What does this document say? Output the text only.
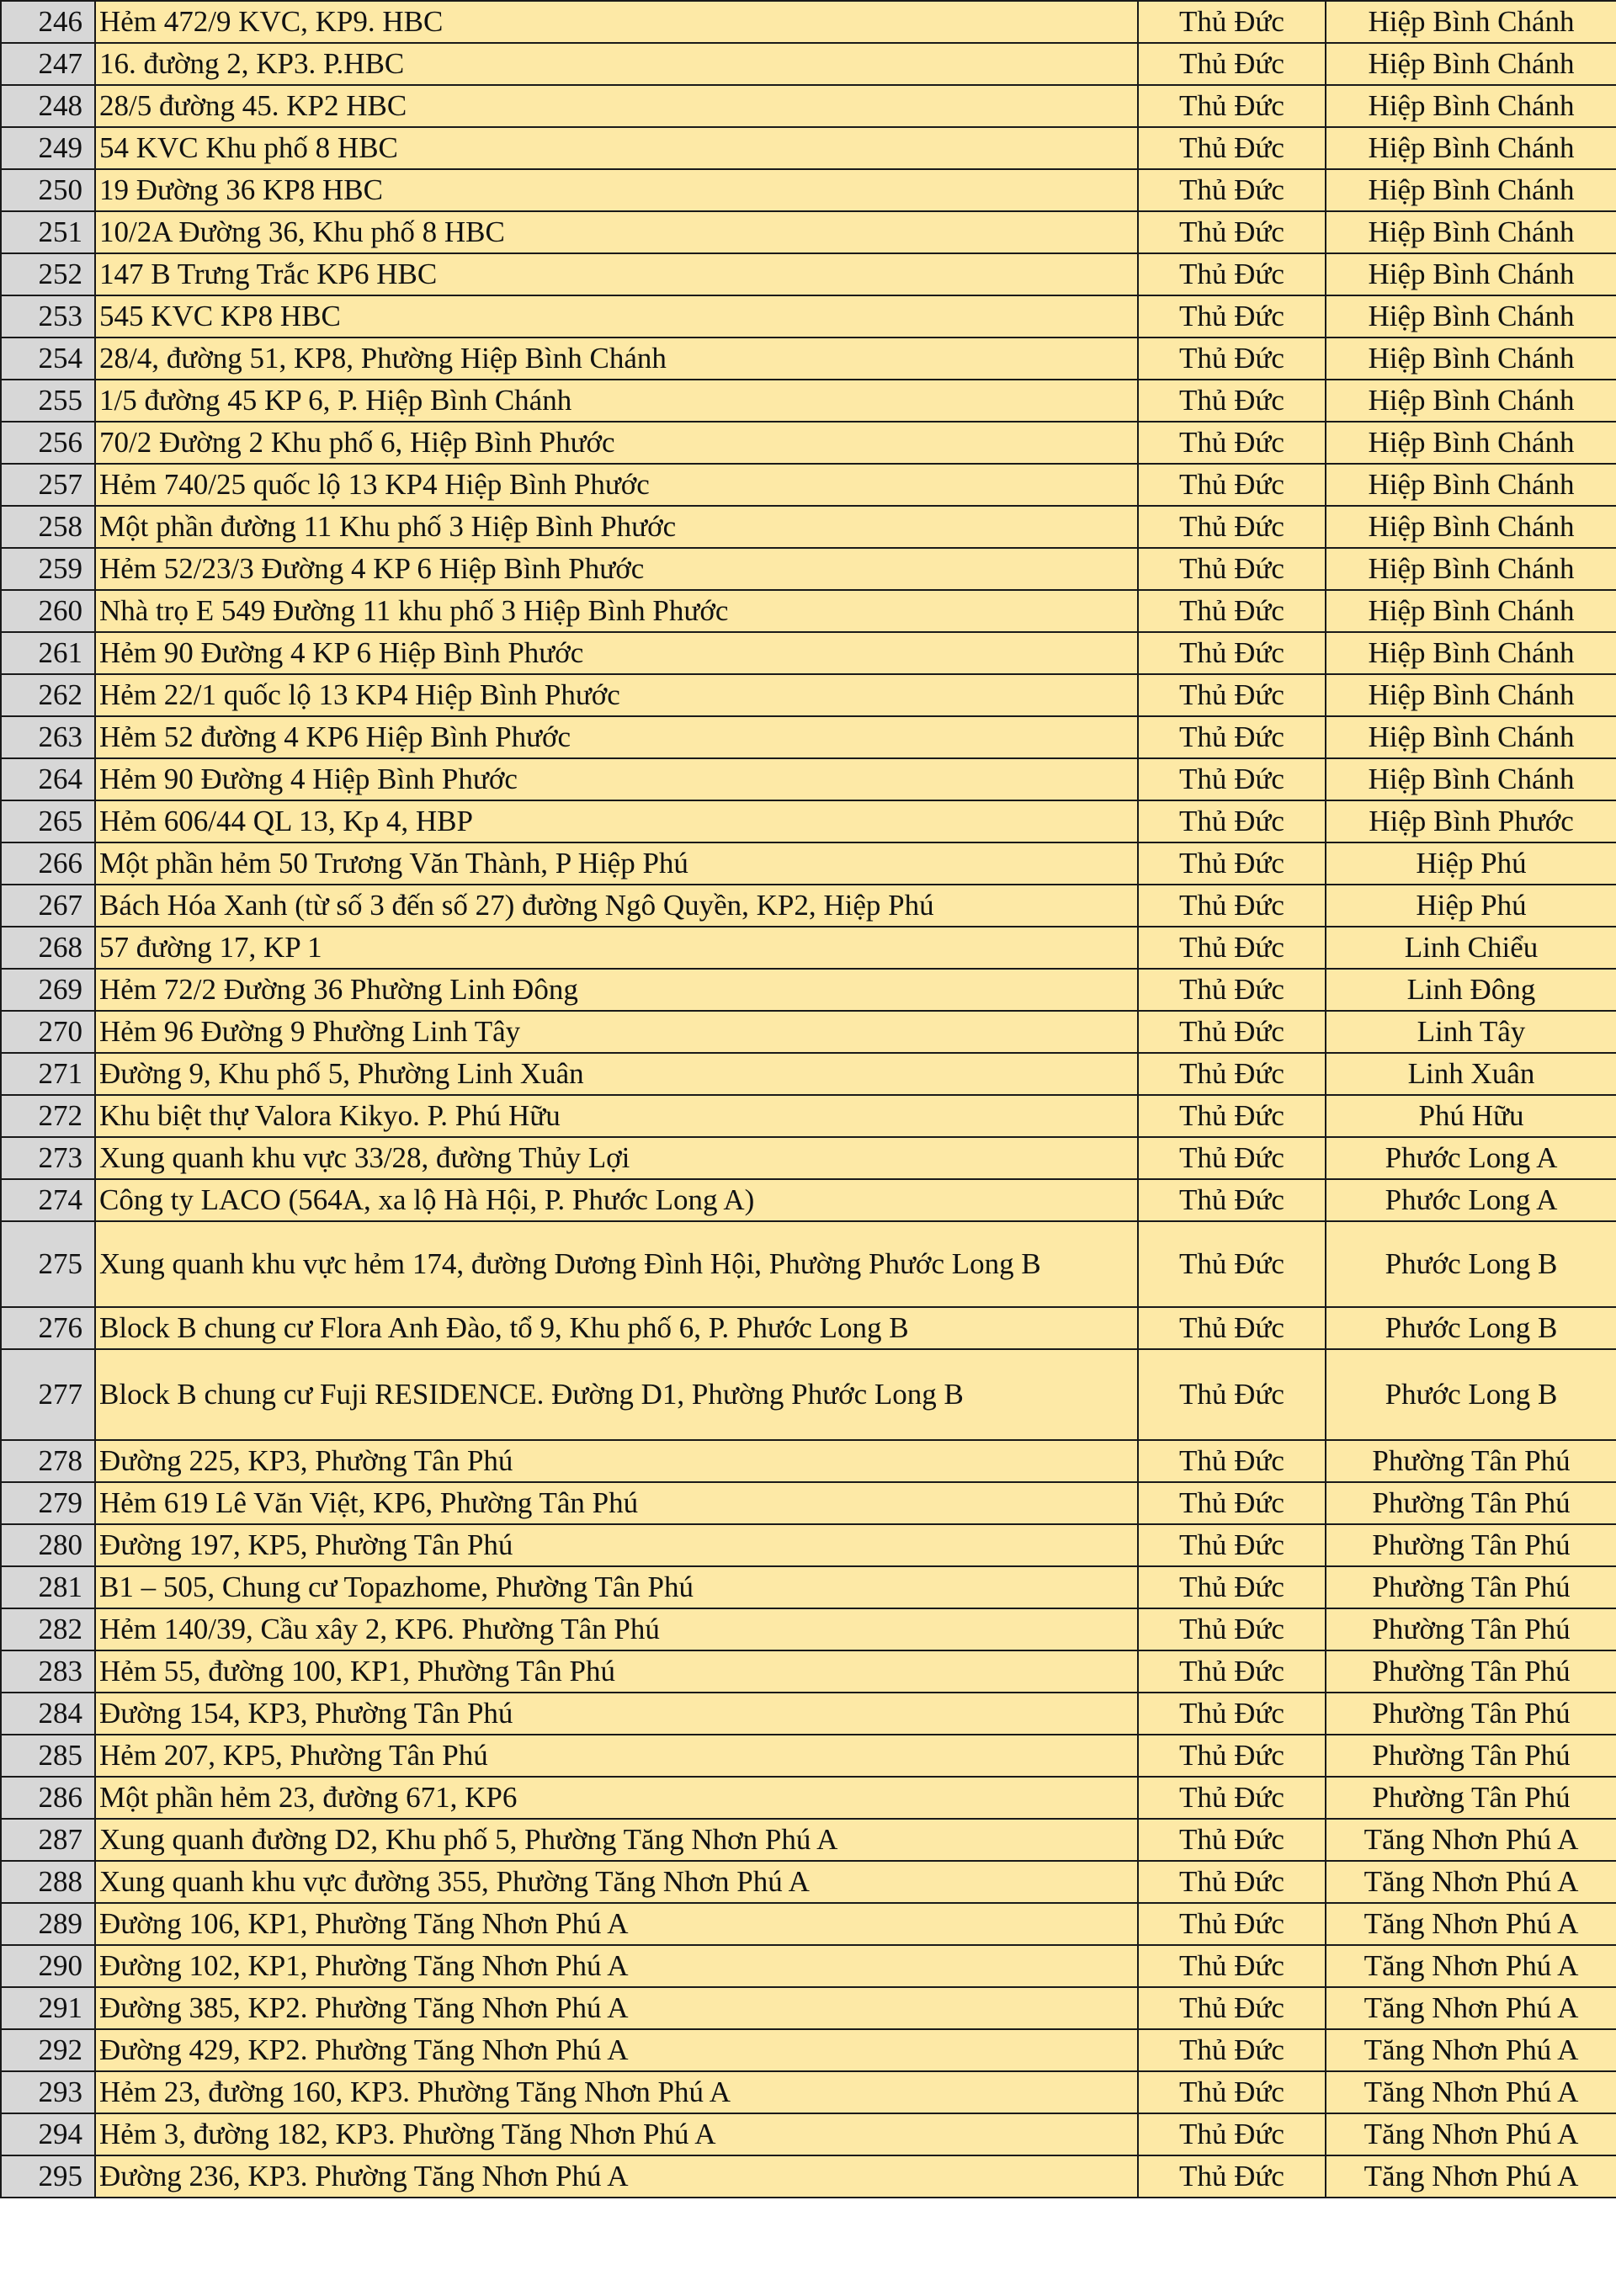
246	Hẻm 472/9 KVC, KP9. HBC	Thủ Đức	Hiệp Bình Chánh
247	16. đường 2, KP3. P.HBC	Thủ Đức	Hiệp Bình Chánh
248	28/5 đường 45. KP2 HBC	Thủ Đức	Hiệp Bình Chánh
249	54 KVC Khu phố 8 HBC	Thủ Đức	Hiệp Bình Chánh
250	19 Đường 36 KP8 HBC	Thủ Đức	Hiệp Bình Chánh
251	10/2A Đường 36, Khu phố 8 HBC	Thủ Đức	Hiệp Bình Chánh
252	147 B Trưng Trắc KP6 HBC	Thủ Đức	Hiệp Bình Chánh
253	545 KVC KP8 HBC	Thủ Đức	Hiệp Bình Chánh
254	28/4, đường 51, KP8, Phường Hiệp Bình Chánh	Thủ Đức	Hiệp Bình Chánh
255	1/5 đường 45 KP 6, P. Hiệp Bình Chánh	Thủ Đức	Hiệp Bình Chánh
256	70/2 Đường 2 Khu phố 6, Hiệp Bình Phước	Thủ Đức	Hiệp Bình Chánh
257	Hẻm 740/25 quốc lộ 13 KP4 Hiệp Bình Phước	Thủ Đức	Hiệp Bình Chánh
258	Một phần đường 11 Khu phố 3 Hiệp Bình Phước	Thủ Đức	Hiệp Bình Chánh
259	Hẻm 52/23/3 Đường 4 KP 6 Hiệp Bình Phước	Thủ Đức	Hiệp Bình Chánh
260	Nhà trọ E 549 Đường 11 khu phố 3 Hiệp Bình Phước	Thủ Đức	Hiệp Bình Chánh
261	Hẻm 90 Đường 4 KP 6 Hiệp Bình Phước	Thủ Đức	Hiệp Bình Chánh
262	Hẻm 22/1 quốc lộ 13 KP4 Hiệp Bình Phước	Thủ Đức	Hiệp Bình Chánh
263	Hẻm 52 đường 4 KP6 Hiệp Bình Phước	Thủ Đức	Hiệp Bình Chánh
264	Hẻm 90 Đường 4 Hiệp Bình Phước	Thủ Đức	Hiệp Bình Chánh
265	Hẻm 606/44 QL 13, Kp 4, HBP	Thủ Đức	Hiệp Bình Phước
266	Một phần hẻm 50 Trương Văn Thành, P Hiệp Phú	Thủ Đức	Hiệp Phú
267	Bách Hóa Xanh (từ số 3 đến số 27) đường Ngô Quyền, KP2, Hiệp Phú	Thủ Đức	Hiệp Phú
268	57 đường 17, KP 1	Thủ Đức	Linh Chiểu
269	Hẻm 72/2 Đường 36 Phường Linh Đông	Thủ Đức	Linh Đông
270	Hẻm 96 Đường 9 Phường Linh Tây	Thủ Đức	Linh Tây
271	Đường 9, Khu phố 5, Phường Linh Xuân	Thủ Đức	Linh Xuân
272	Khu biệt thự Valora Kikyo. P. Phú Hữu	Thủ Đức	Phú Hữu
273	Xung quanh khu vực 33/28, đường Thủy Lợi	Thủ Đức	Phước Long A
274	Công ty LACO (564A, xa lộ Hà Hội, P. Phước Long A)	Thủ Đức	Phước Long A
275	Xung quanh khu vực hẻm 174, đường Dương Đình Hội, Phường Phước Long B	Thủ Đức	Phước Long B
276	Block B chung cư Flora Anh Đào, tổ 9, Khu phố 6, P. Phước Long B	Thủ Đức	Phước Long B
277	Block B chung cư Fuji RESIDENCE. Đường D1, Phường Phước Long B	Thủ Đức	Phước Long B
278	Đường 225, KP3, Phường Tân Phú	Thủ Đức	Phường Tân Phú
279	Hẻm 619 Lê Văn Việt, KP6, Phường Tân Phú	Thủ Đức	Phường Tân Phú
280	Đường 197, KP5, Phường Tân Phú	Thủ Đức	Phường Tân Phú
281	B1 – 505, Chung cư Topazhome, Phường Tân Phú	Thủ Đức	Phường Tân Phú
282	Hẻm 140/39, Cầu xây 2, KP6. Phường Tân Phú	Thủ Đức	Phường Tân Phú
283	Hẻm 55, đường 100, KP1, Phường Tân Phú	Thủ Đức	Phường Tân Phú
284	Đường 154, KP3, Phường Tân Phú	Thủ Đức	Phường Tân Phú
285	Hẻm 207, KP5, Phường Tân Phú	Thủ Đức	Phường Tân Phú
286	Một phần hẻm 23, đường 671, KP6	Thủ Đức	Phường Tân Phú
287	Xung quanh đường D2, Khu phố 5, Phường Tăng Nhơn Phú A	Thủ Đức	Tăng Nhơn Phú A
288	Xung quanh khu vực đường 355, Phường Tăng Nhơn Phú A	Thủ Đức	Tăng Nhơn Phú A
289	Đường 106, KP1, Phường Tăng Nhơn Phú A	Thủ Đức	Tăng Nhơn Phú A
290	Đường 102, KP1, Phường Tăng Nhơn Phú A	Thủ Đức	Tăng Nhơn Phú A
291	Đường 385, KP2. Phường Tăng Nhơn Phú A	Thủ Đức	Tăng Nhơn Phú A
292	Đường 429, KP2. Phường Tăng Nhơn Phú A	Thủ Đức	Tăng Nhơn Phú A
293	Hẻm 23, đường 160, KP3. Phường Tăng Nhơn Phú A	Thủ Đức	Tăng Nhơn Phú A
294	Hẻm 3, đường 182, KP3. Phường Tăng Nhơn Phú A	Thủ Đức	Tăng Nhơn Phú A
295	Đường 236, KP3. Phường Tăng Nhơn Phú A	Thủ Đức	Tăng Nhơn Phú A
